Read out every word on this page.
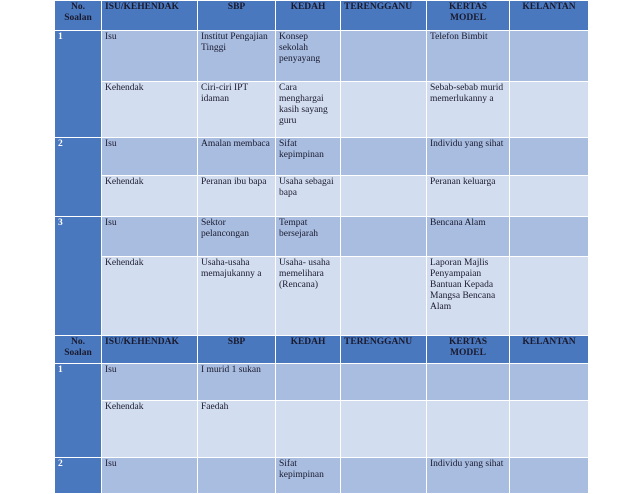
No.
Soalan	ISU/KEHENDAK	SBP	KEDAH	TERENGGANU	KERTAS MODEL	KELANTAN
1	Isu	Institut Pengajian Tinggi	Konsep sekolah penyayang		Telefon Bimbit	
	Kehendak	Ciri-ciri IPT idaman	Cara menghargai kasih sayang guru		Sebab-sebab murid memerlukanny a	
2	Isu	Amalan membaca	Sifat kepimpinan		Individu yang sihat	
	Kehendak	Peranan ibu bapa	Usaha sebagai bapa		Peranan keluarga	
3	Isu	Sektor pelancongan	Tempat bersejarah		Bencana Alam	
	Kehendak	Usaha-usaha memajukanny a	Usaha- usaha memelihara (Rencana)		Laporan Majlis Penyampaian Bantuan Kepada Mangsa Bencana Alam	
No.
Soalan	ISU/KEHENDAK	SBP	KEDAH	TERENGGANU	KERTAS MODEL	KELANTAN
1	Isu	I murid 1 sukan				
	Kehendak	Faedah				
2	Isu		Sifat kepimpinan		Individu yang sihat	
